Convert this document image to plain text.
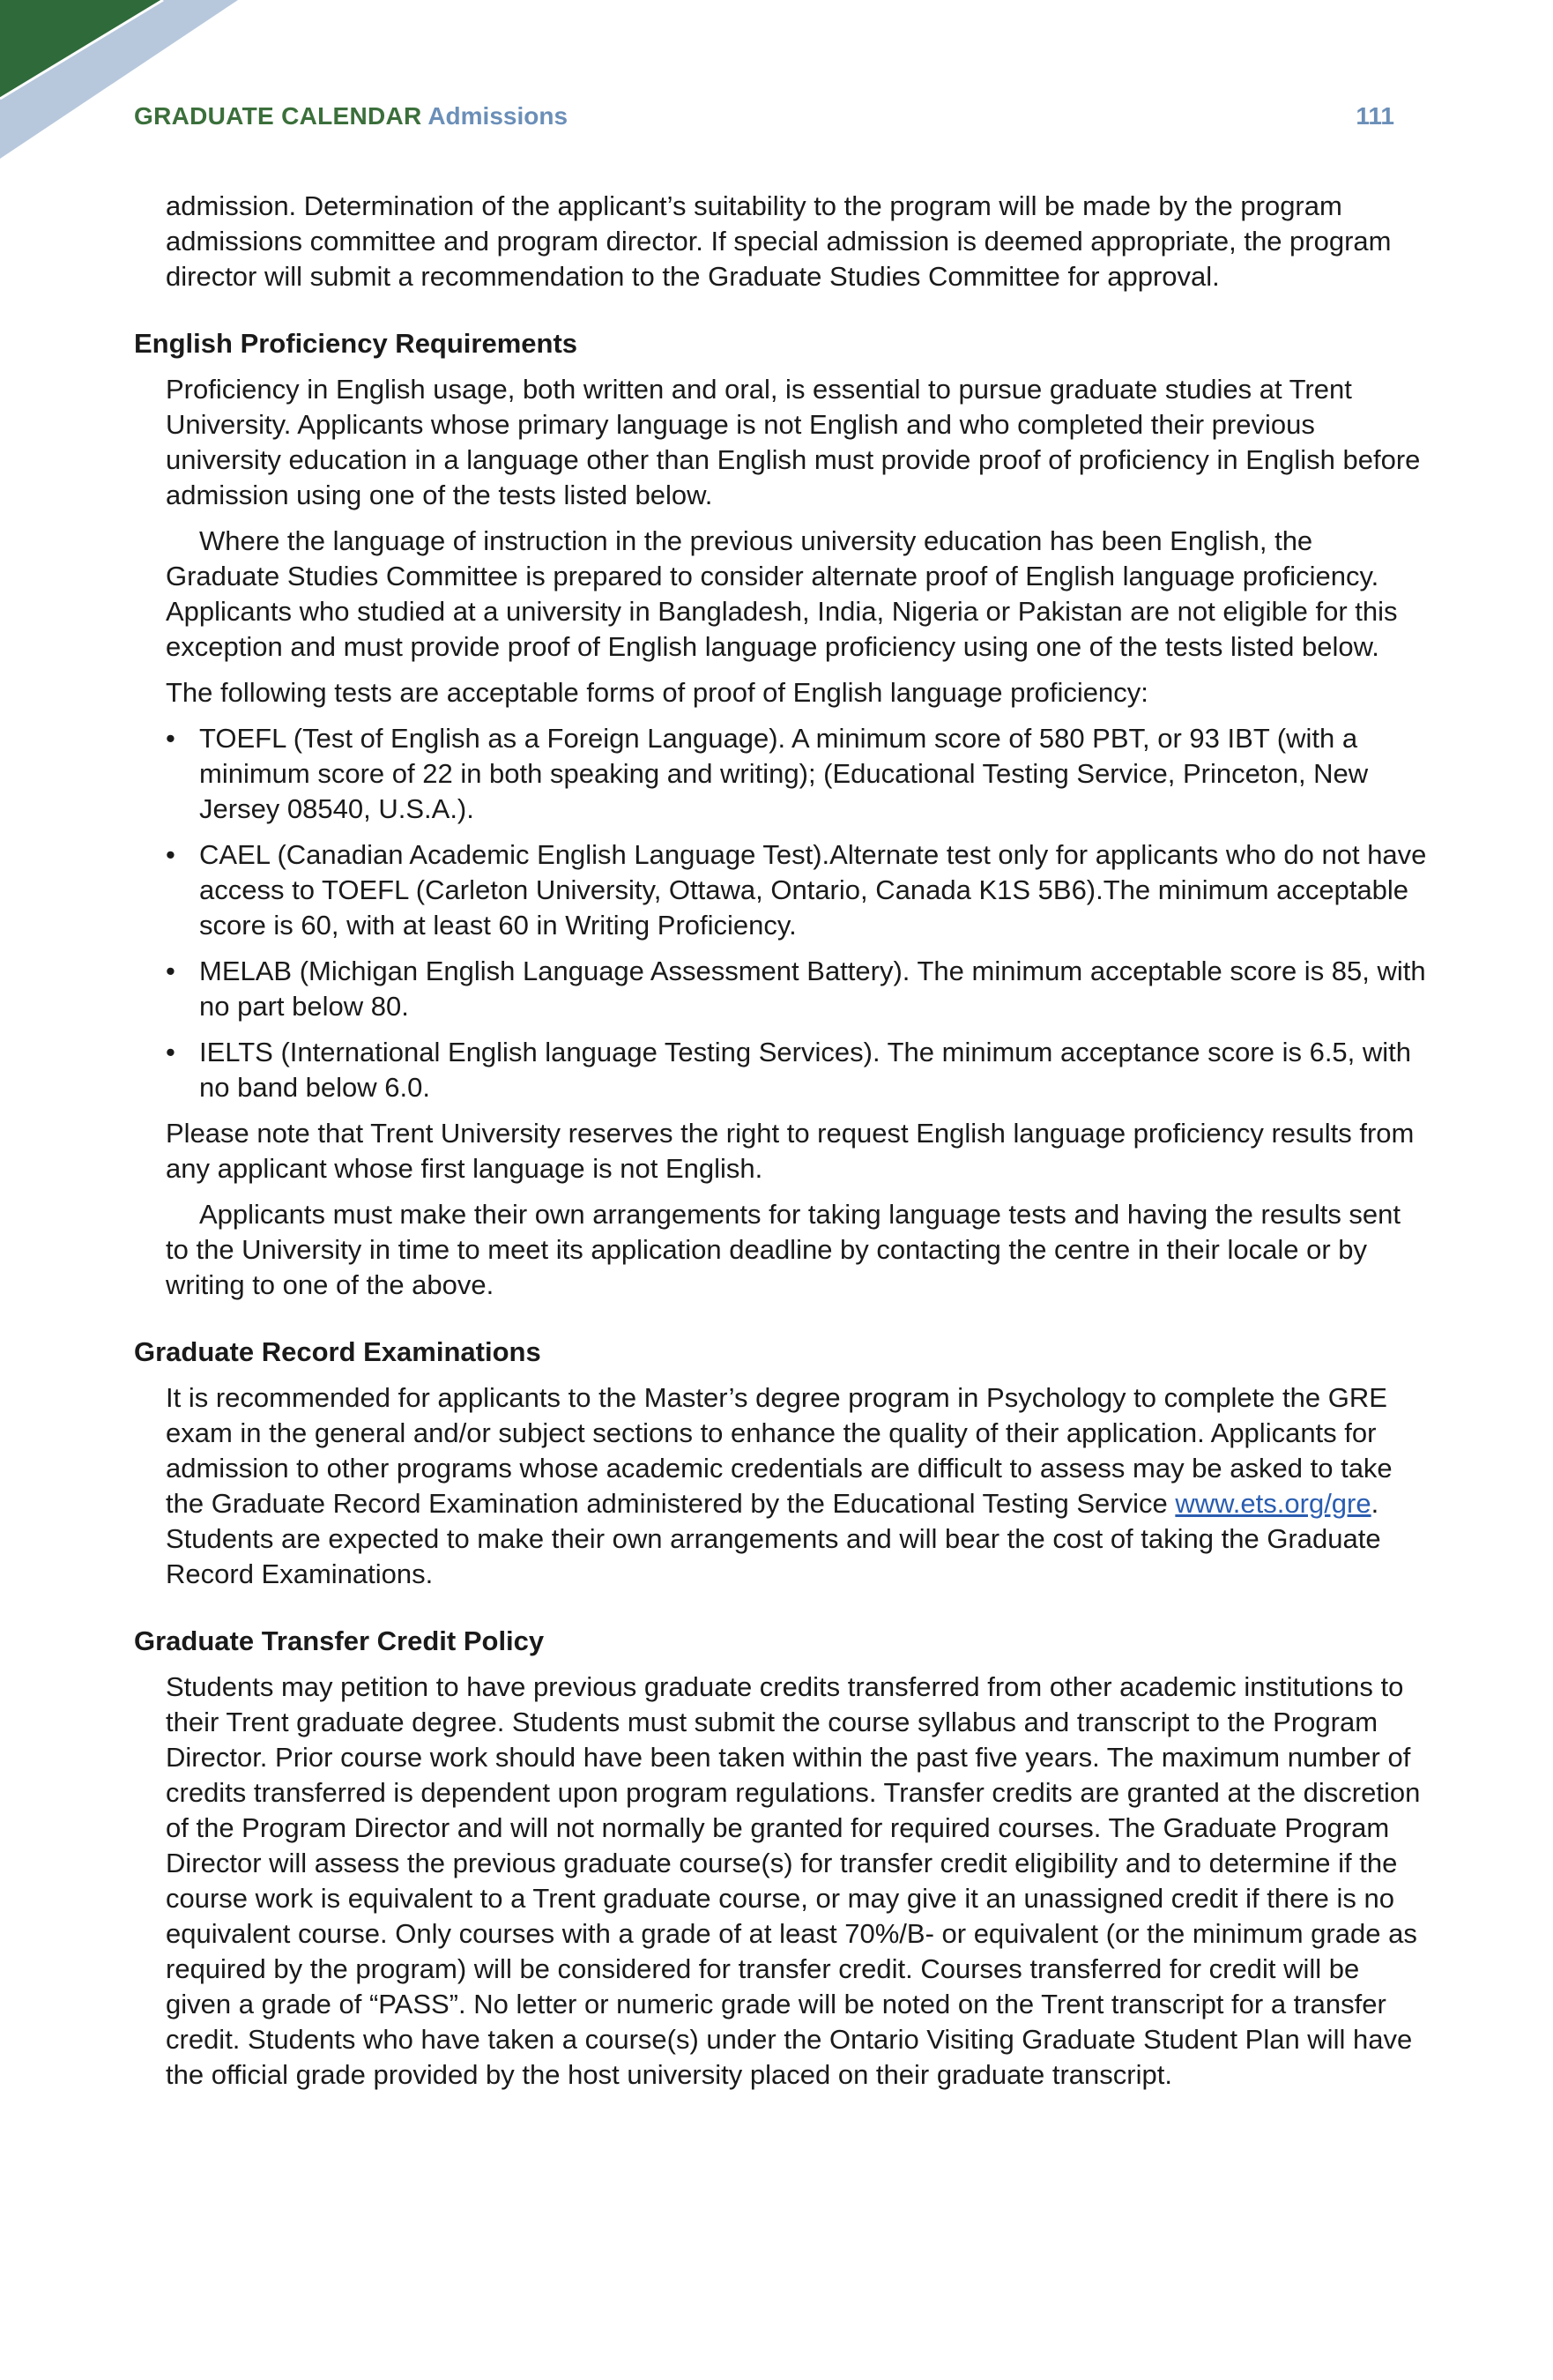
GRADUATE CALENDAR Admissions	111

admission. Determination of the applicant’s suitability to the program will be made by the program admissions committee and program director. If special admission is deemed appropriate, the program director will submit a recommendation to the Graduate Studies Committee for approval.

English Proficiency Requirements

Proficiency in English usage, both written and oral, is essential to pursue graduate studies at Trent University. Applicants whose primary language is not English and who completed their previous university education in a language other than English must provide proof of proficiency in English before admission using one of the tests listed below.

Where the language of instruction in the previous university education has been English, the Graduate Studies Committee is prepared to consider alternate proof of English language proficiency. Applicants who studied at a university in Bangladesh, India, Nigeria or Pakistan are not eligible for this exception and must provide proof of English language proficiency using one of the tests listed below.

The following tests are acceptable forms of proof of English language proficiency:

• TOEFL (Test of English as a Foreign Language). A minimum score of 580 PBT, or 93 IBT (with a minimum score of 22 in both speaking and writing); (Educational Testing Service, Princeton, New Jersey 08540, U.S.A.).
• CAEL (Canadian Academic English Language Test).Alternate test only for applicants who do not have access to TOEFL (Carleton University, Ottawa, Ontario, Canada K1S 5B6).The minimum acceptable score is 60, with at least 60 in Writing Proficiency.
• MELAB (Michigan English Language Assessment Battery). The minimum acceptable score is 85, with no part below 80.
• IELTS (International English language Testing Services). The minimum acceptance score is 6.5, with no band below 6.0.

Please note that Trent University reserves the right to request English language proficiency results from any applicant whose first language is not English.

Applicants must make their own arrangements for taking language tests and having the results sent to the University in time to meet its application deadline by contacting the centre in their locale or by writing to one of the above.

Graduate Record Examinations

It is recommended for applicants to the Master’s degree program in Psychology to complete the GRE exam in the general and/or subject sections to enhance the quality of their application. Applicants for admission to other programs whose academic credentials are difficult to assess may be asked to take the Graduate Record Examination administered by the Educational Testing Service www.ets.org/gre. Students are expected to make their own arrangements and will bear the cost of taking the Graduate Record Examinations.

Graduate Transfer Credit Policy

Students may petition to have previous graduate credits transferred from other academic institutions to their Trent graduate degree. Students must submit the course syllabus and transcript to the Program Director. Prior course work should have been taken within the past five years. The maximum number of credits transferred is dependent upon program regulations. Transfer credits are granted at the discretion of the Program Director and will not normally be granted for required courses. The Graduate Program Director will assess the previous graduate course(s) for transfer credit eligibility and to determine if the course work is equivalent to a Trent graduate course, or may give it an unassigned credit if there is no equivalent course. Only courses with a grade of at least 70%/B- or equivalent (or the minimum grade as required by the program) will be considered for transfer credit. Courses transferred for credit will be given a grade of “PASS”. No letter or numeric grade will be noted on the Trent transcript for a transfer credit. Students who have taken a course(s) under the Ontario Visiting Graduate Student Plan will have the official grade provided by the host university placed on their graduate transcript.
